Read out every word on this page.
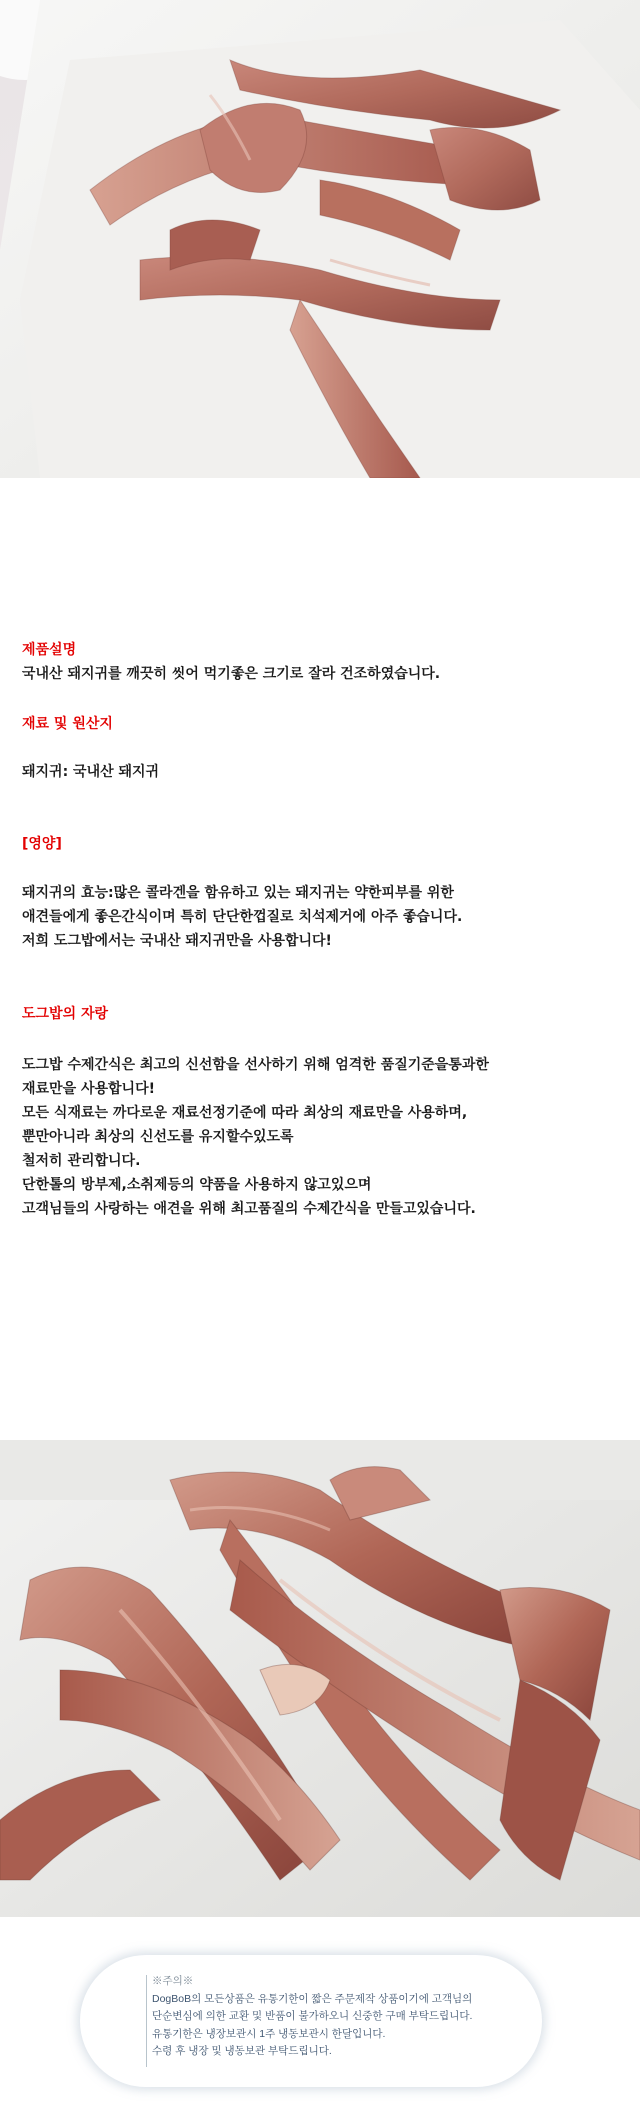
제품설명

국내산 돼지귀를 깨끗히 씻어 먹기좋은 크기로 잘라 건조하였습니다.

재료 및 원산지

돼지귀: 국내산 돼지귀

[영양]

돼지귀의 효능:많은 콜라겐을 함유하고 있는 돼지귀는 약한피부를 위한

애견들에게 좋은간식이며 특히 단단한껍질로 치석제거에 아주 좋습니다.

저희 도그밥에서는 국내산 돼지귀만을 사용합니다!

도그밥의 자랑

도그밥 수제간식은 최고의 신선함을 선사하기 위해 엄격한 품질기준을통과한

재료만을 사용합니다!

모든 식재료는 까다로운 재료선정기준에 따라 최상의 재료만을 사용하며,

뿐만아니라 최상의 신선도를 유지할수있도록

철저히 관리합니다.

단한톨의 방부제,소취제등의 약품을 사용하지 않고있으며

고객님들의 사랑하는 애견을 위해 최고품질의 수제간식을 만들고있습니다.

※주의※
DogBoB의 모든상품은 유통기한이 짧은 주문제작 상품이기에 고객님의
단순변심에 의한 교환 및 반품이 불가하오니 신중한 구매 부탁드립니다.
유통기한은 냉장보관시 1주 냉동보관시 한달입니다.
수령 후 냉장 및 냉동보관 부탁드립니다.
